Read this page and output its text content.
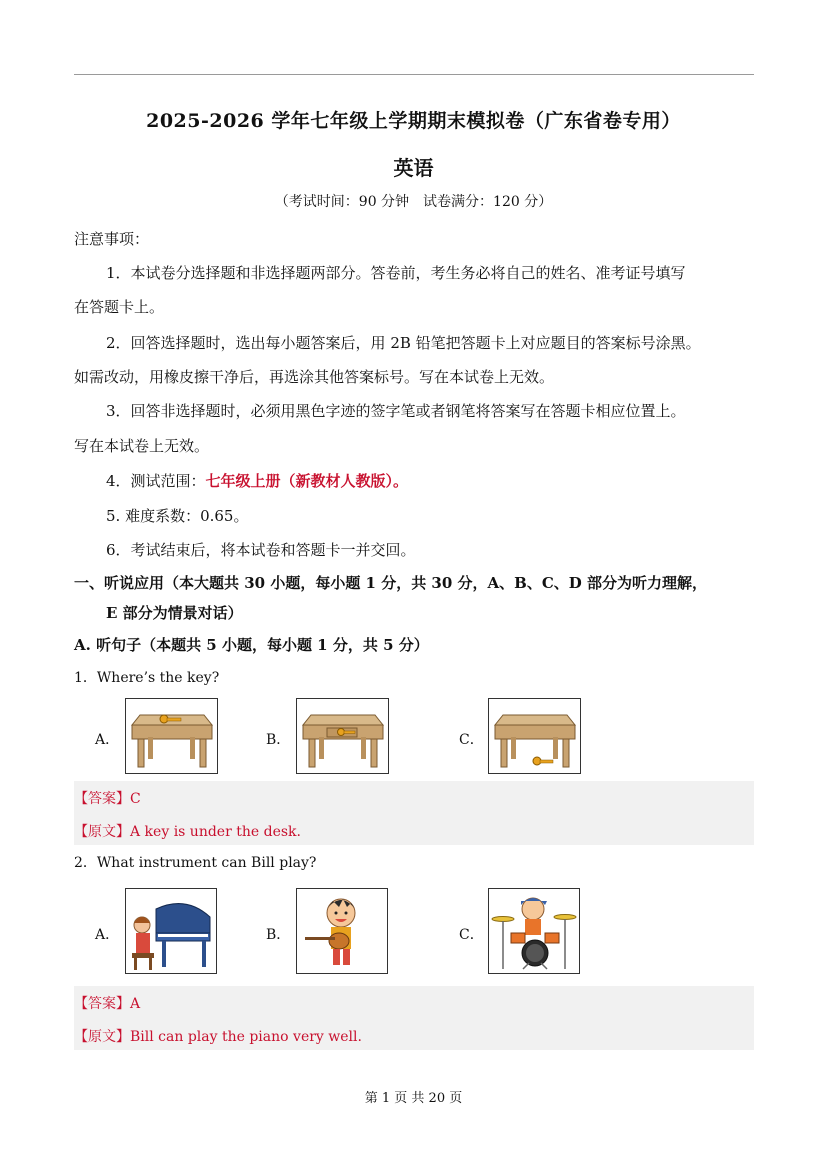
2025-2026 学年七年级上学期期末模拟卷（广东省卷专用）
英语
（考试时间：90 分钟　试卷满分：120 分）
注意事项：
1．本试卷分选择题和非选择题两部分。答卷前，考生务必将自己的姓名、准考证号填写
在答题卡上。
2．回答选择题时，选出每小题答案后，用 2B 铅笔把答题卡上对应题目的答案标号涂黑。
如需改动，用橡皮擦干净后，再选涂其他答案标号。写在本试卷上无效。
3．回答非选择题时，必须用黑色字迹的签字笔或者钢笔将答案写在答题卡相应位置上。
写在本试卷上无效。
4．测试范围：七年级上册（新教材人教版）。
5. 难度系数：0.65。
6．考试结束后，将本试卷和答题卡一并交回。
一、听说应用（本大题共 30 小题，每小题 1 分，共 30 分，A、B、C、D 部分为听力理解，
E 部分为情景对话）
A. 听句子（本题共 5 小题，每小题 1 分，共 5 分）
1．Where’s the key?
A．	B．	C．
【答案】C
【原文】A key is under the desk.
2．What instrument can Bill play?
A．	B．	C．
【答案】A
【原文】Bill can play the piano very well.
第 1 页 共 20 页
